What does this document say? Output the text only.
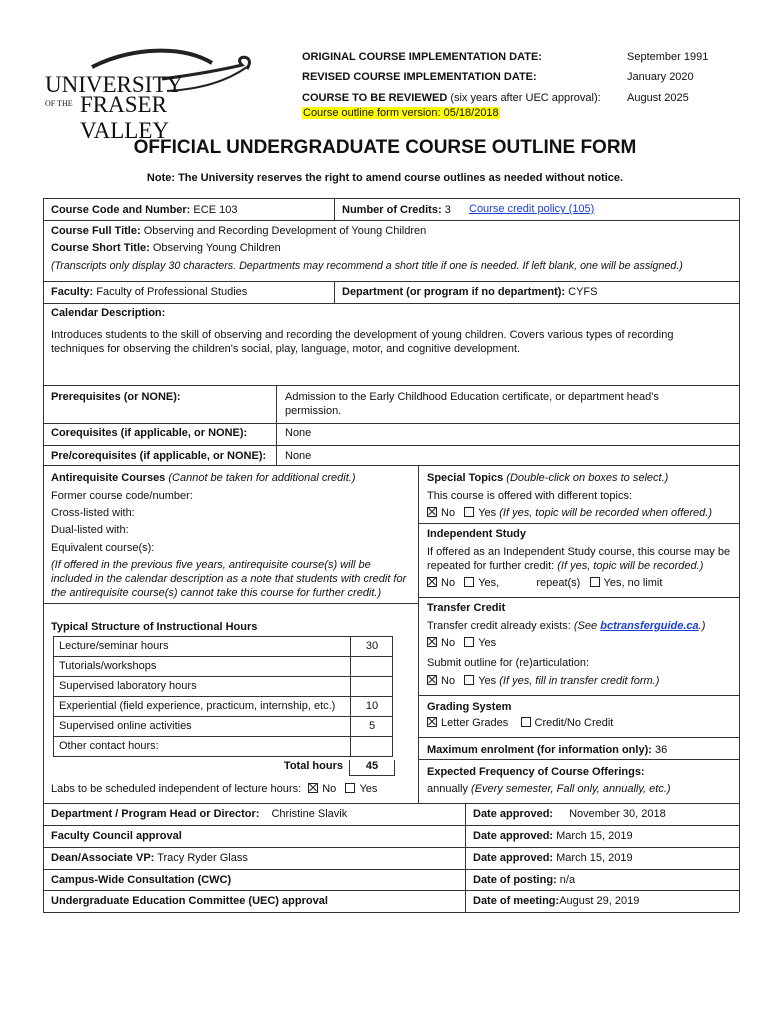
UNIVERSITY
OF THE FRASER VALLEY
ORIGINAL COURSE IMPLEMENTATION DATE:	September 1991
REVISED COURSE IMPLEMENTATION DATE:	January 2020
COURSE TO BE REVIEWED (six years after UEC approval): August 2025
Course outline form version: 05/18/2018
OFFICIAL UNDERGRADUATE COURSE OUTLINE FORM
Note: The University reserves the right to amend course outlines as needed without notice.
Course Code and Number: ECE 103	Number of Credits: 3 Course credit policy (105)
Course Full Title: Observing and Recording Development of Young Children
Course Short Title: Observing Young Children
(Transcripts only display 30 characters. Departments may recommend a short title if one is needed. If left blank, one will be assigned.)
Faculty: Faculty of Professional Studies	Department (or program if no department): CYFS
Calendar Description:
Introduces students to the skill of observing and recording the development of young children. Covers various types of recording techniques for observing the children's social, play, language, motor, and cognitive development.
Prerequisites (or NONE):	Admission to the Early Childhood Education certificate, or department head's permission.
Corequisites (if applicable, or NONE):	None
Pre/corequisites (if applicable, or NONE): None
Antirequisite Courses (Cannot be taken for additional credit.)
Former course code/number:
Cross-listed with:
Dual-listed with:
Equivalent course(s):
(If offered in the previous five years, antirequisite course(s) will be included in the calendar description as a note that students with credit for the antirequisite course(s) cannot take this course for further credit.)
Special Topics (Double-click on boxes to select.)
This course is offered with different topics:
No Yes (If yes, topic will be recorded when offered.)
Independent Study
If offered as an Independent Study course, this course may be repeated for further credit: (If yes, topic will be recorded.)
No Yes,	repeat(s) Yes, no limit
Transfer Credit
Transfer credit already exists: (See bctransferguide.ca.)
No Yes
Submit outline for (re)articulation:
No Yes (If yes, fill in transfer credit form.)
Grading System
Letter Grades Credit/No Credit
Maximum enrolment (for information only): 36
Expected Frequency of Course Offerings:
annually (Every semester, Fall only, annually, etc.)
Typical Structure of Instructional Hours
Lecture/seminar hours	30
Tutorials/workshops
Supervised laboratory hours
Experiential (field experience, practicum, internship, etc.)	10
Supervised online activities	5
Other contact hours:
Total hours	45
Labs to be scheduled independent of lecture hours: No Yes
Department / Program Head or Director: Christine Slavik	Date approved: November 30, 2018
Faculty Council approval	Date approved: March 15, 2019
Dean/Associate VP: Tracy Ryder Glass	Date approved: March 15, 2019
Campus-Wide Consultation (CWC)	Date of posting: n/a
Undergraduate Education Committee (UEC) approval	Date of meeting:August 29, 2019
